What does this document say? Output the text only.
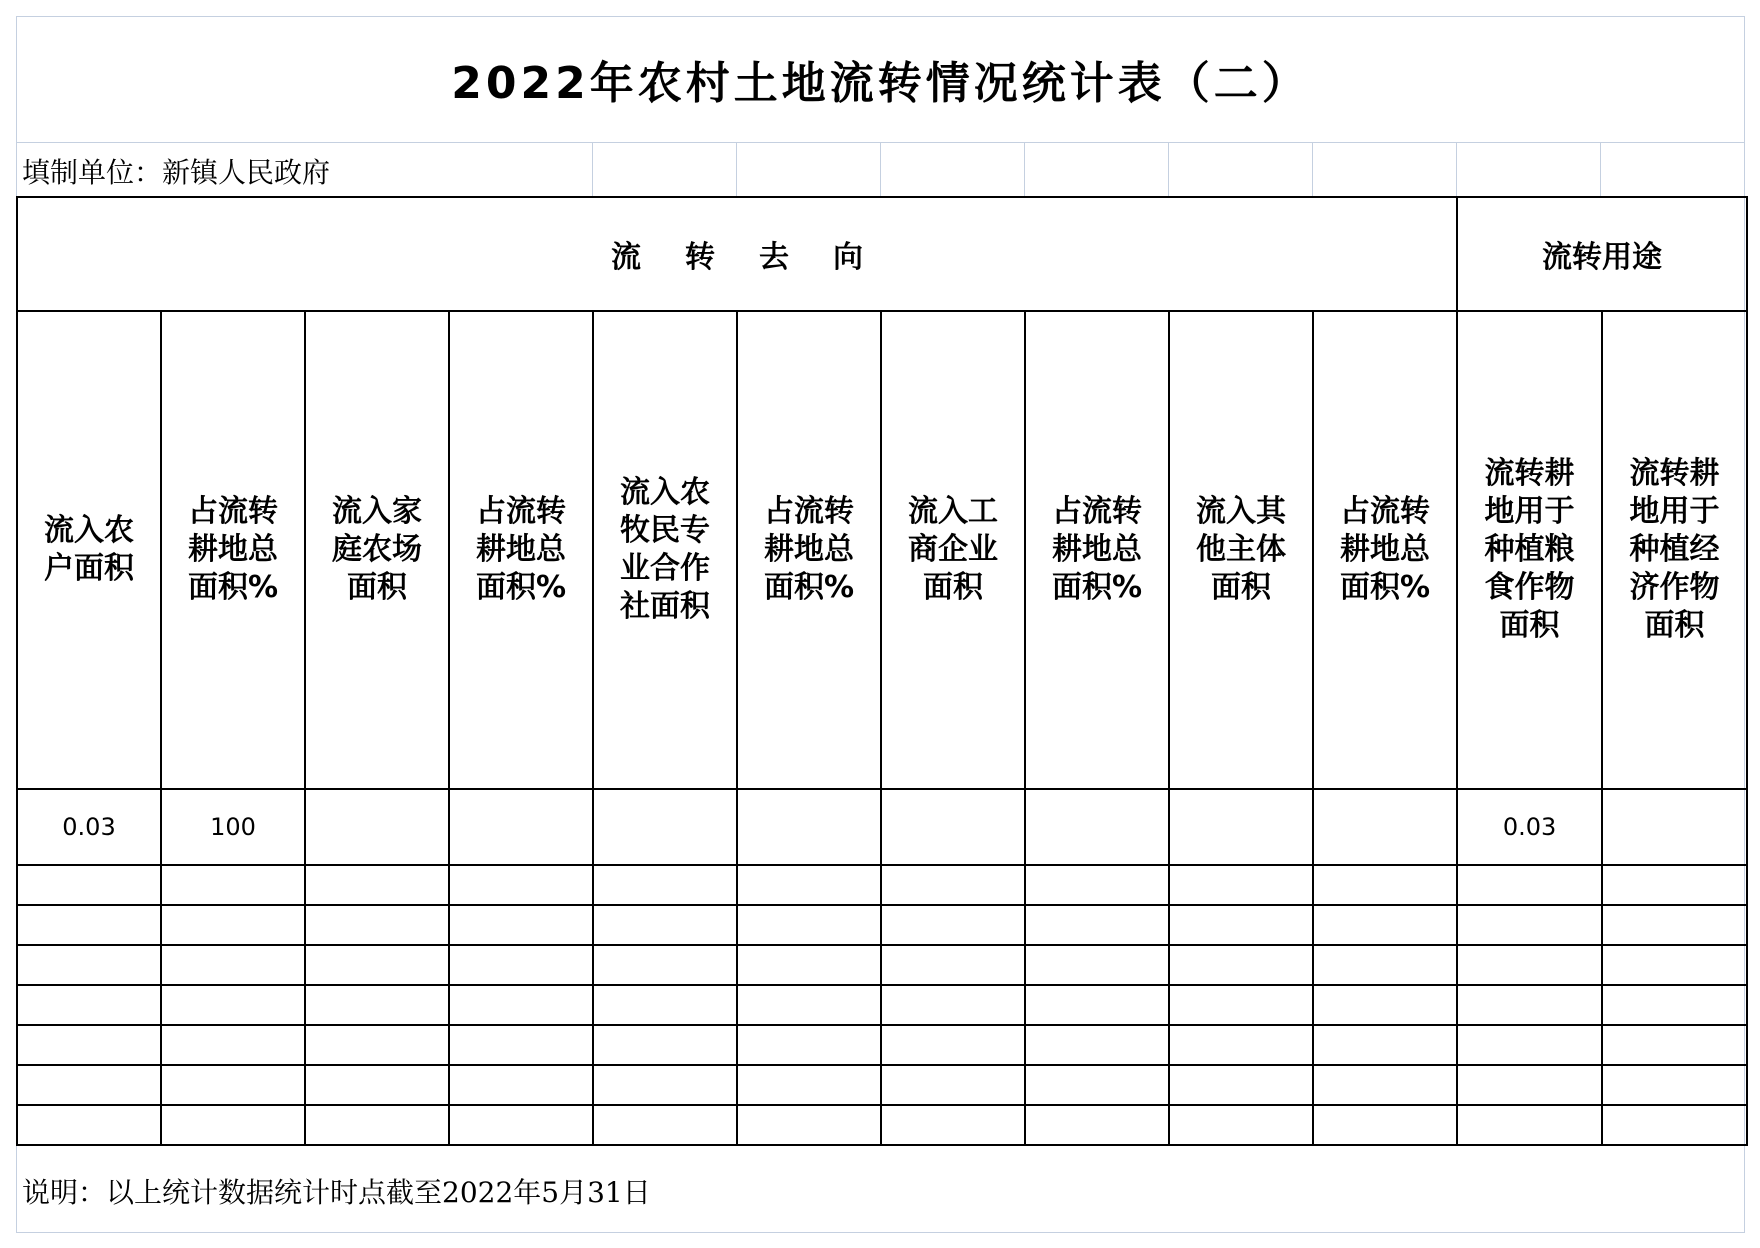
2022年农村土地流转情况统计表（二）
填制单位：新镇人民政府
流 转 去 向										流转用途	
流入农户面积	占流转耕地总面积%	流入家庭农场面积	占流转耕地总面积%	流入农牧民专业合作社面积	占流转耕地总面积%	流入工商企业面积	占流转耕地总面积%	流入其他主体面积	占流转耕地总面积%	流转耕地用于种植粮食作物面积	流转耕地用于种植经济作物面积
0.03	100									0.03	

说明：以上统计数据统计时点截至2022年5月31日
